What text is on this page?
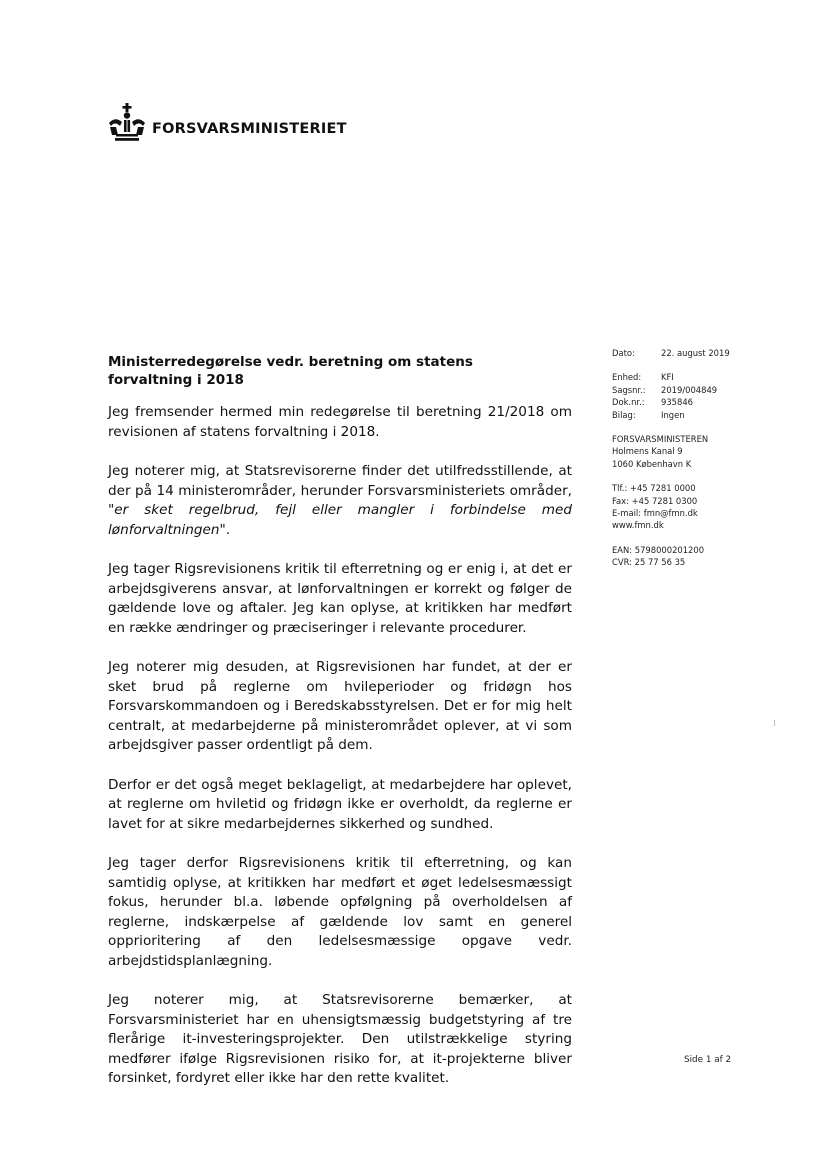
FORSVARSMINISTERIET
Ministerredegørelse vedr. beretning om statens forvaltning i 2018

Jeg fremsender hermed min redegørelse til beretning 21/2018 om revisionen af statens forvaltning i 2018.

Jeg noterer mig, at Statsrevisorerne finder det utilfredsstillende, at der på 14 ministerområder, herunder Forsvarsministeriets områder, "er sket regelbrud, fejl eller mangler i forbindelse med lønforvaltningen".

Jeg tager Rigsrevisionens kritik til efterretning og er enig i, at det er arbejdsgiverens ansvar, at lønforvaltningen er korrekt og følger de gældende love og aftaler. Jeg kan oplyse, at kritikken har medført en række ændringer og præciseringer i relevante procedurer.

Jeg noterer mig desuden, at Rigsrevisionen har fundet, at der er sket brud på reglerne om hvileperioder og fridøgn hos Forsvarskommandoen og i Beredskabsstyrelsen. Det er for mig helt centralt, at medarbejderne på ministerområdet oplever, at vi som arbejdsgiver passer ordentligt på dem.

Derfor er det også meget beklageligt, at medarbejdere har oplevet, at reglerne om hviletid og fridøgn ikke er overholdt, da reglerne er lavet for at sikre medarbejdernes sikkerhed og sundhed.

Jeg tager derfor Rigsrevisionens kritik til efterretning, og kan samtidig oplyse, at kritikken har medført et øget ledelsesmæssigt fokus, herunder bl.a. løbende opfølgning på overholdelsen af reglerne, indskærpelse af gældende lov samt en generel opprioritering af den ledelsesmæssige opgave vedr. arbejdstidsplanlægning.

Jeg noterer mig, at Statsrevisorerne bemærker, at Forsvarsministeriet har en uhensigtsmæssig budgetstyring af tre flerårige it-investeringsprojekter. Den utilstrækkelige styring medfører ifølge Rigsrevisionen risiko for, at it-projekterne bliver forsinket, fordyret eller ikke har den rette kvalitet.

Dato:	22. august 2019
Enhed:	KFI
Sagsnr.:	2019/004849
Dok.nr.:	935846
Bilag:	Ingen
FORSVARSMINISTEREN
Holmens Kanal 9
1060 København K
Tlf.: +45 7281 0000
Fax: +45 7281 0300
E-mail: fmn@fmn.dk
www.fmn.dk
EAN: 5798000201200
CVR: 25 77 56 35
Side 1 af 2
